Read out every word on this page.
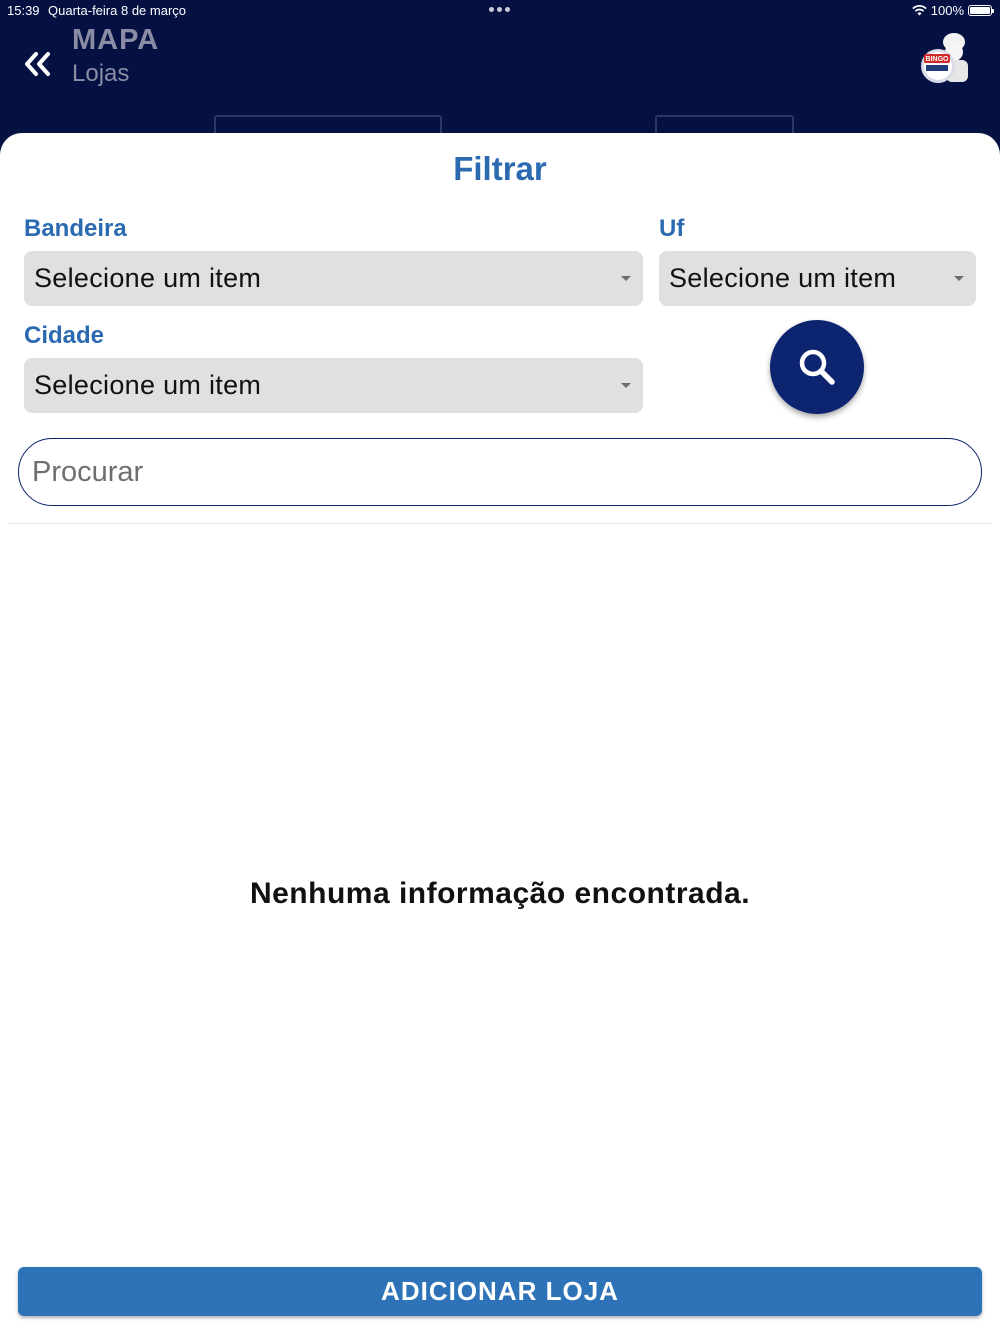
15:39 Quarta-feira 8 de março	100%
MAPA
Lojas
BINGO
Filtrar
Bandeira
Selecione um item
Uf
Selecione um item
Cidade
Selecione um item
Procurar
Nenhuma informação encontrada.
ADICIONAR LOJA
